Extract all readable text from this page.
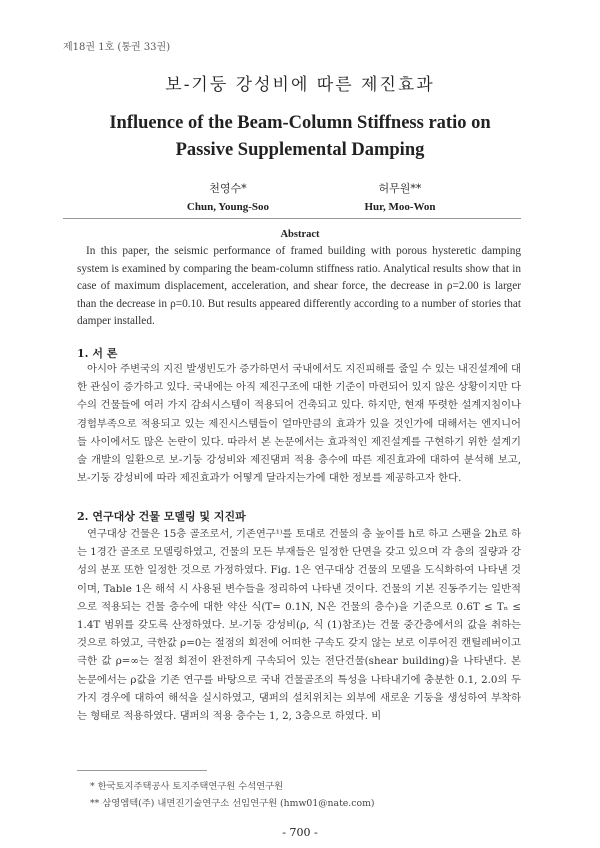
제18권 1호 (통권 33권)
보-기둥 강성비에 따른 제진효과
Influence of the Beam-Column Stiffness ratio on
Passive Supplemental Damping
천영수*
Chun, Young-Soo
허무원**
Hur, Moo-Won
Abstract

In this paper, the seismic performance of framed building with porous hysteretic damping system is examined by comparing the beam-column stiffness ratio. Analytical results show that in case of maximum displacement, acceleration, and shear force, the decrease in ρ=2.00 is larger than the decrease in ρ=0.10. But results appeared differently according to a number of stories that damper installed.

1. 서 론

아시아 주변국의 지진 발생빈도가 증가하면서 국내에서도 지진피해를 줄일 수 있는 내진설계에 대한 관심이 증가하고 있다. 국내에는 아직 제진구조에 대한 기준이 마련되어 있지 않은 상황이지만 다수의 건물들에 여러 가지 감쇠시스템이 적용되어 건축되고 있다. 하지만, 현재 뚜렷한 설계지침이나 경험부족으로 적용되고 있는 제진시스템들이 얼마만큼의 효과가 있을 것인가에 대해서는 엔지니어들 사이에서도 많은 논란이 있다. 따라서 본 논문에서는 효과적인 제진설계를 구현하기 위한 설계기술 개발의 일환으로 보-기둥 강성비와 제진댐퍼 적용 층수에 따른 제진효과에 대하여 분석해 보고, 보-기둥 강성비에 따라 제진효과가 어떻게 달라지는가에 대한 정보를 제공하고자 한다.

2. 연구대상 건물 모델링 및 지진파

연구대상 건물은 15층 골조로서, 기존연구¹⁾를 토대로 건물의 층 높이를 h로 하고 스팬을 2h로 하는 1경간 골조로 모델링하였고, 건물의 모든 부재들은 일정한 단면을 갖고 있으며 각 층의 질량과 강성의 분포 또한 일정한 것으로 가정하였다. Fig. 1은 연구대상 건물의 모델을 도식화하여 나타낸 것이며, Table 1은 해석 시 사용된 변수들을 정리하여 나타낸 것이다. 건물의 기본 진동주기는 일반적으로 적용되는 건물 층수에 대한 약산 식(T= 0.1N, N은 건물의 층수)을 기준으로 0.6T ≤ Tₙ ≤ 1.4T 범위를 갖도록 산정하였다. 보-기둥 강성비(ρ, 식 (1)참조)는 건물 중간층에서의 값을 취하는 것으로 하였고, 극한값 ρ=0는 절점의 회전에 어떠한 구속도 갖지 않는 보로 이루어진 캔틸레버이고 극한 값 ρ=∞는 절점 회전이 완전하게 구속되어 있는 전단건물(shear building)을 나타낸다. 본 논문에서는 ρ값을 기존 연구를 바탕으로 국내 건물골조의 특성을 나타내기에 충분한 0.1, 2.0의 두가지 경우에 대하여 해석을 실시하였고, 댐퍼의 설치위치는 외부에 새로운 기둥을 생성하여 부착하는 형태로 적용하였다. 댐퍼의 적용 층수는 1, 2, 3층으로 하였다. 비

* 한국토지주택공사 토지주택연구원 수석연구원
** 삼영엠텍(주) 내면진기술연구소 선임연구원 (hmw01@nate.com)
- 700 -
